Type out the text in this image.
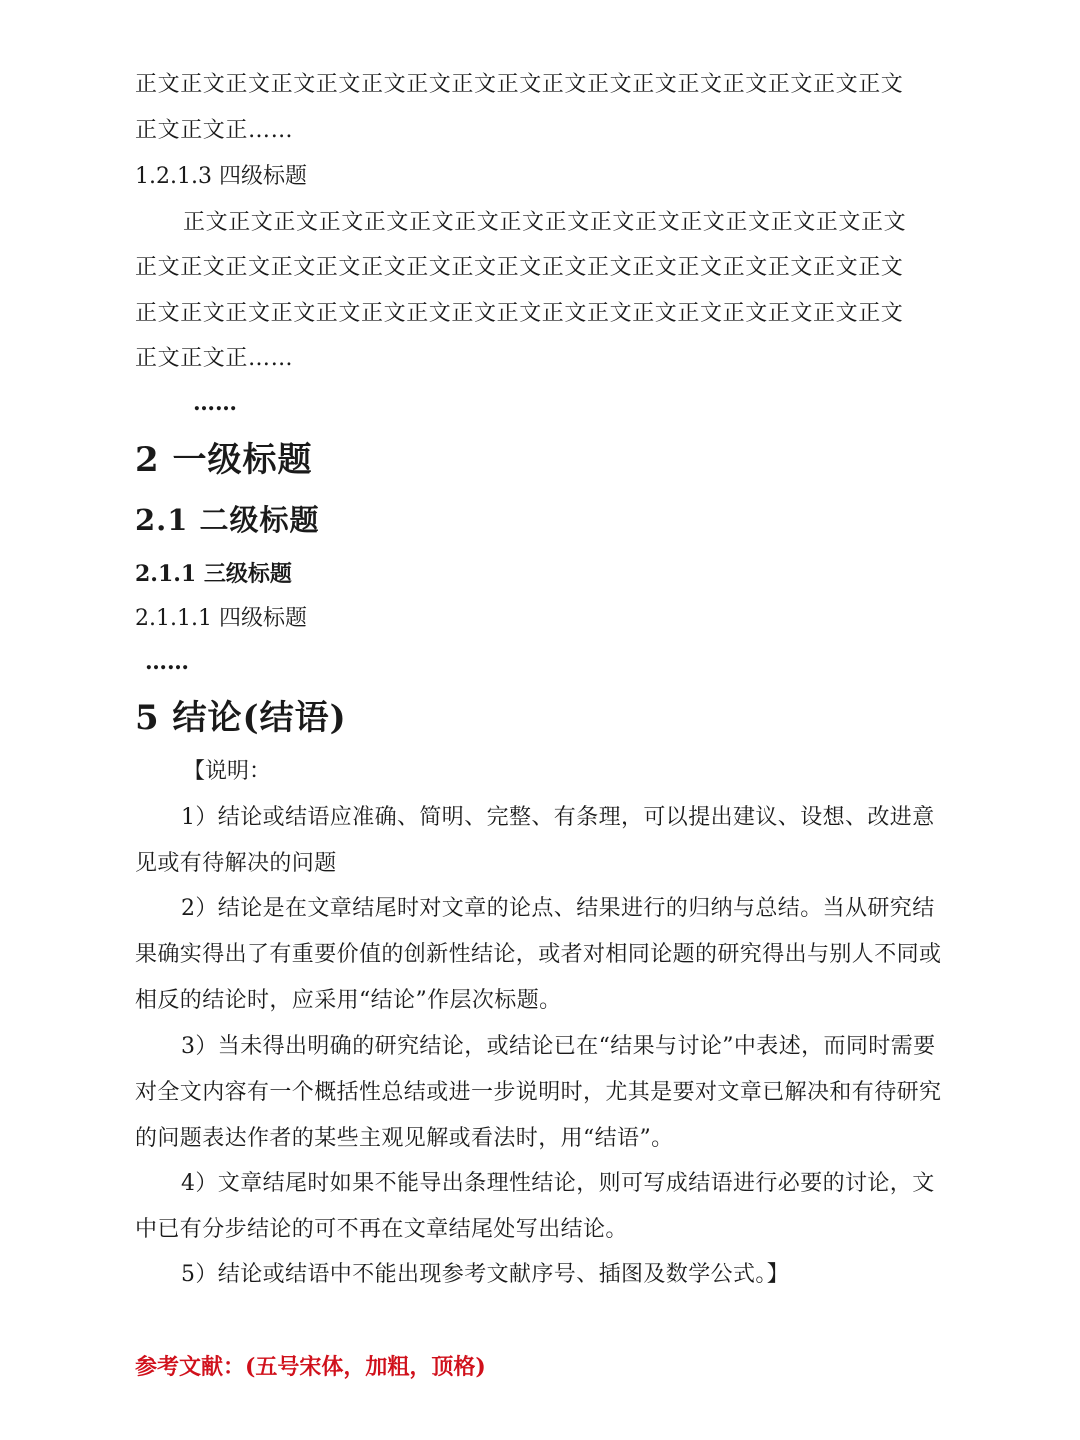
正文正文正文正文正文正文正文正文正文正文正文正文正文正文正文正文正文
正文正文正……
1.2.1.3 四级标题
正文正文正文正文正文正文正文正文正文正文正文正文正文正文正文正文
正文正文正文正文正文正文正文正文正文正文正文正文正文正文正文正文正文
正文正文正文正文正文正文正文正文正文正文正文正文正文正文正文正文正文
正文正文正……
……
2 一级标题
2.1 二级标题
2.1.1 三级标题
2.1.1.1 四级标题
……
5 结论(结语)
【说明：
1）结论或结语应准确、简明、完整、有条理，可以提出建议、设想、改进意见或有待解决的问题
2）结论是在文章结尾时对文章的论点、结果进行的归纳与总结。当从研究结果确实得出了有重要价值的创新性结论，或者对相同论题的研究得出与别人不同或相反的结论时，应采用“结论”作层次标题。
3）当未得出明确的研究结论，或结论已在“结果与讨论”中表述，而同时需要对全文内容有一个概括性总结或进一步说明时，尤其是要对文章已解决和有待研究的问题表达作者的某些主观见解或看法时，用“结语”。
4）文章结尾时如果不能导出条理性结论，则可写成结语进行必要的讨论，文中已有分步结论的可不再在文章结尾处写出结论。
5）结论或结语中不能出现参考文献序号、插图及数学公式。】
参考文献：(五号宋体，加粗，顶格)
